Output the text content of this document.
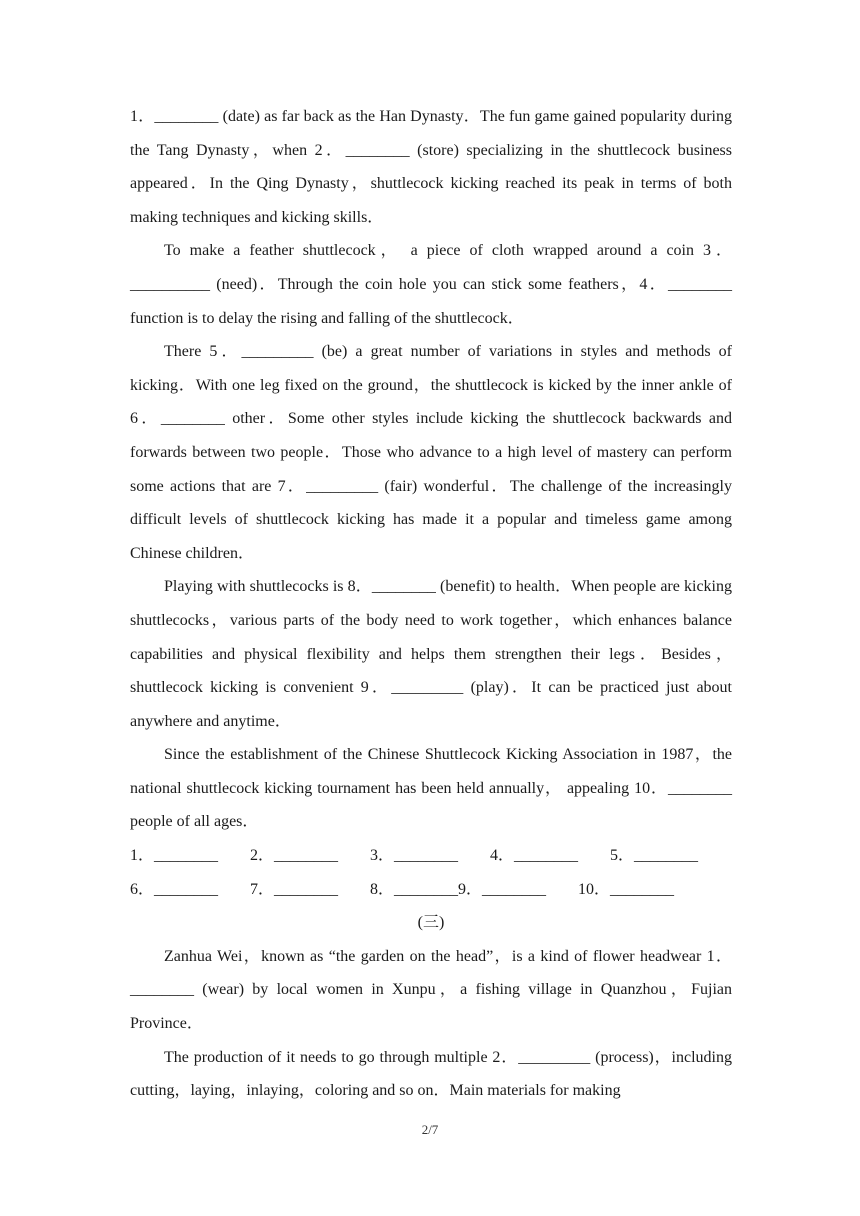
1．________ (date) as far back as the Han Dynasty．The fun game gained popularity during the Tang Dynasty，when 2．________ (store) specializing in the shuttlecock business appeared．In the Qing Dynasty，shuttlecock kicking reached its peak in terms of both making techniques and kicking skills．

To make a feather shuttlecock， a piece of cloth wrapped around a coin 3．__________ (need)．Through the coin hole you can stick some feathers，4．________ function is to delay the rising and falling of the shuttlecock．

There 5．_________ (be) a great number of variations in styles and methods of kicking．With one leg fixed on the ground，the shuttlecock is kicked by the inner ankle of 6．________ other．Some other styles include kicking the shuttlecock backwards and forwards between two people．Those who advance to a high level of mastery can perform some actions that are 7．_________ (fair) wonderful．The challenge of the increasingly difficult levels of shuttlecock kicking has made it a popular and timeless game among Chinese children．

Playing with shuttlecocks is 8．________ (benefit) to health．When people are kicking shuttlecocks，various parts of the body need to work together，which enhances balance capabilities and physical flexibility and helps them strengthen their legs．Besides，shuttlecock kicking is convenient 9．_________ (play)．It can be practiced just about anywhere and anytime．

Since the establishment of the Chinese Shuttlecock Kicking Association in 1987，the national shuttlecock kicking tournament has been held annually， appealing 10．________ people of all ages．

1．________　　2．________　　3．________　　4．________　　5．________
6．________　　7．________　　8．________9．________　　10．________
(三)

Zanhua Wei，known as “the garden on the head”，is a kind of flower headwear 1．________ (wear) by local women in Xunpu，a fishing village in Quanzhou，Fujian Province．

The production of it needs to go through multiple 2．_________ (process)，including cutting，laying，inlaying，coloring and so on．Main materials for making

2/7
